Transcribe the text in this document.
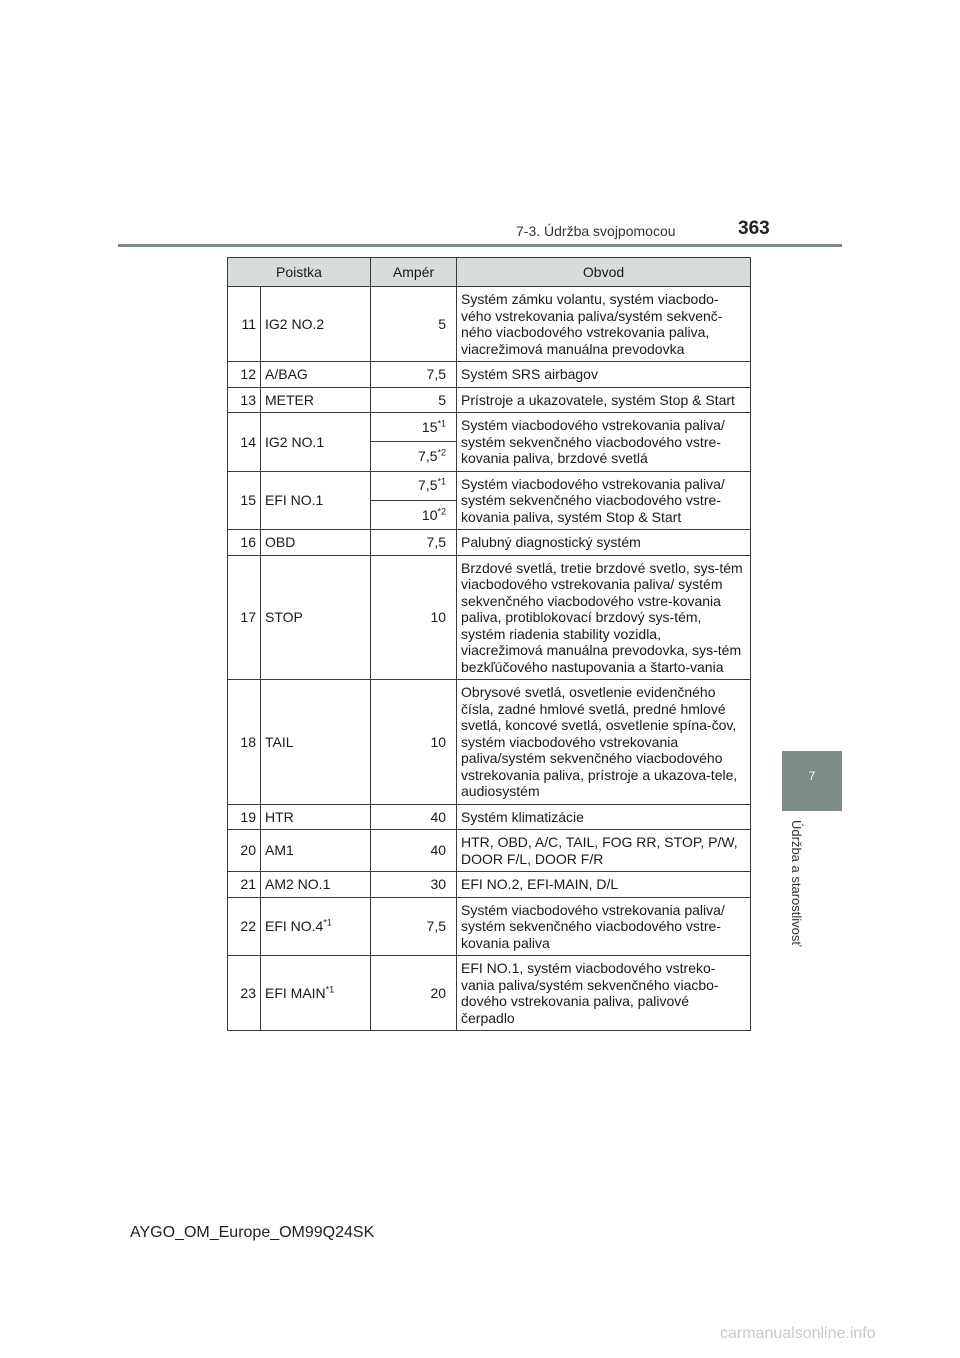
7-3. Údržba svojpomocou	363
7
Údržba a starostlivosť
Poistka		Ampér	Obvod
11	IG2 NO.2	5	Systém zámku volantu, systém viacbodo-vého vstrekovania paliva/systém sekvenč-ného viacbodového vstrekovania paliva, viacrežimová manuálna prevodovka
12	A/BAG	7,5	Systém SRS airbagov
13	METER	5	Prístroje a ukazovatele, systém Stop & Start
14	IG2 NO.1	15$^{*1}$	Systém viacbodového vstrekovania paliva/ systém sekvenčného viacbodového vstre-kovania paliva, brzdové svetlá
		7,5$^{*2}$
15	EFI NO.1	7,5$^{*1}$	Systém viacbodového vstrekovania paliva/ systém sekvenčného viacbodového vstre-kovania paliva, systém Stop & Start
		10$^{*2}$
16	OBD	7,5	Palubný diagnostický systém
17	STOP	10	Brzdové svetlá, tretie brzdové svetlo, sys-tém viacbodového vstrekovania paliva/ systém sekvenčného viacbodového vstre-kovania paliva, protiblokovací brzdový sys-tém, systém riadenia stability vozidla, viacrežimová manuálna prevodovka, sys-tém bezkľúčového nastupovania a štarto-vania
18	TAIL	10	Obrysové svetlá, osvetlenie evidenčného čísla, zadné hmlové svetlá, predné hmlové svetlá, koncové svetlá, osvetlenie spína-čov, systém viacbodového vstrekovania paliva/systém sekvenčného viacbodového vstrekovania paliva, prístroje a ukazova-tele, audiosystém
19	HTR	40	Systém klimatizácie
20	AM1	40	HTR, OBD, A/C, TAIL, FOG RR, STOP, P/W, DOOR F/L, DOOR F/R
21	AM2 NO.1	30	EFI NO.2, EFI-MAIN, D/L
22	EFI NO.4$^{*1}$	7,5	Systém viacbodového vstrekovania paliva/ systém sekvenčného viacbodového vstre-kovania paliva
23	EFI MAIN$^{*1}$	20	EFI NO.1, systém viacbodového vstreko-vania paliva/systém sekvenčného viacbo-dového vstrekovania paliva, palivové čerpadlo
AYGO_OM_Europe_OM99Q24SK
carmanualsonline.info
